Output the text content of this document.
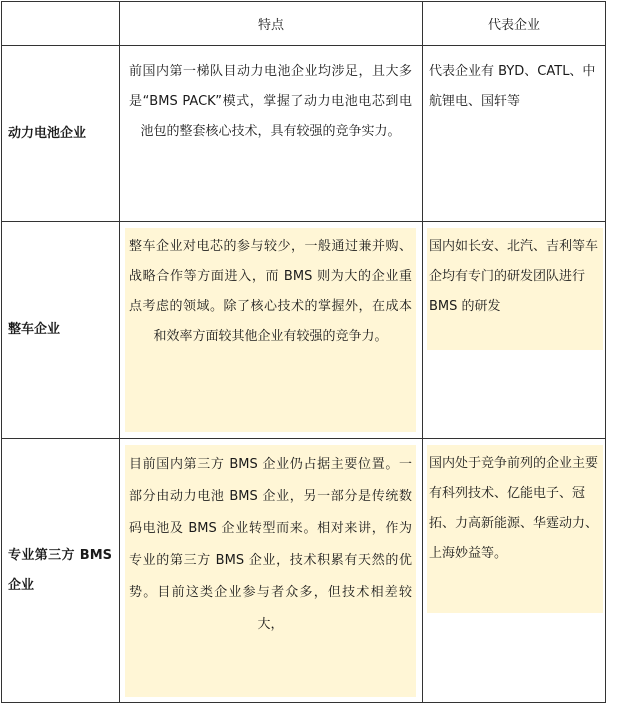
特点	代表企业
动力电池企业
前国内第一梯队目动力电池企业均涉足，且大多是“BMS PACK”模式，掌握了动力电池电芯到电池包的整套核心技术，具有较强的竞争实力。
代表企业有 BYD、CATL、中航锂电、国轩等
整车企业
整车企业对电芯的参与较少，一般通过兼并购、战略合作等方面进入，而 BMS 则为大的企业重点考虑的领域。除了核心技术的掌握外，在成本和效率方面较其他企业有较强的竞争力。
国内如长安、北汽、吉利等车企均有专门的研发团队进行 BMS 的研发
专业第三方 BMS企业
目前国内第三方 BMS 企业仍占据主要位置。一部分由动力电池 BMS 企业，另一部分是传统数码电池及 BMS 企业转型而来。相对来讲，作为专业的第三方 BMS 企业，技术积累有天然的优势。目前这类企业参与者众多，但技术相差较大，
国内处于竞争前列的企业主要有科列技术、亿能电子、冠拓、力高新能源、华霆动力、上海妙益等。
